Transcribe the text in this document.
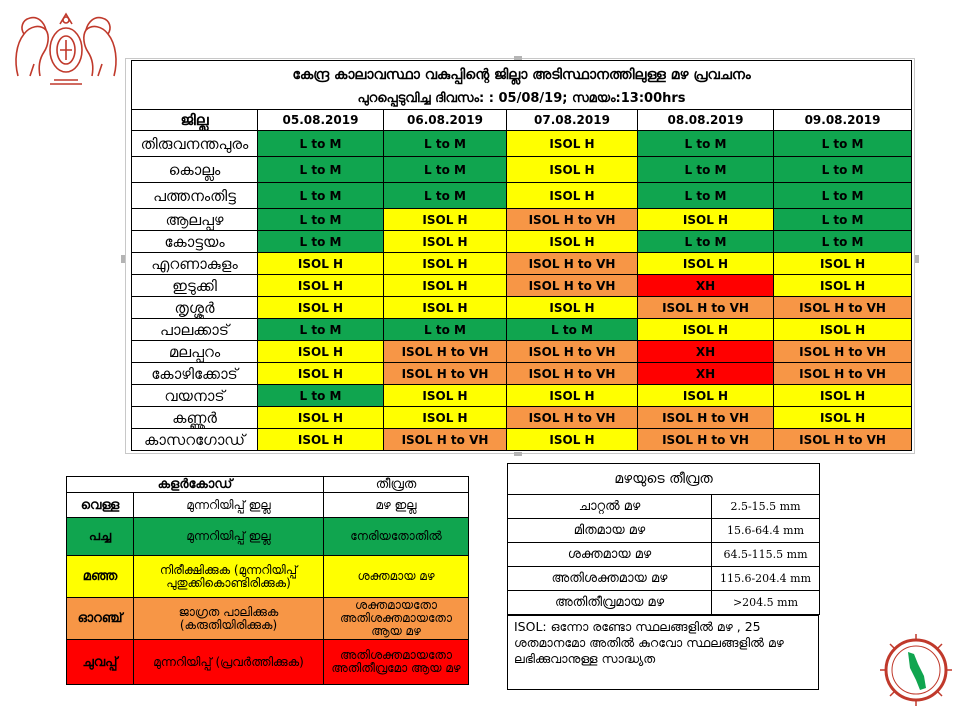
കേന്ദ്ര കാലാവസ്ഥാ വകുപ്പിന്റെ ജില്ലാ അടിസ്ഥാനത്തിലുള്ള മഴ പ്രവചനം					
പുറപ്പെടുവിച്ച ദിവസം: : 05/08/19; സമയം:13:00hrs					
ജില്ല	05.08.2019	06.08.2019	07.08.2019	08.08.2019	09.08.2019
തിരുവനന്തപുരം	L to M	L to M	ISOL H	L to M	L to M
കൊല്ലം	L to M	L to M	ISOL H	L to M	L to M
പത്തനംതിട്ട	L to M	L to M	ISOL H	L to M	L to M
ആലപ്പുഴ	L to M	ISOL H	ISOL H to VH	ISOL H	L to M
കോട്ടയം	L to M	ISOL H	ISOL H	L to M	L to M
എറണാകുളം	ISOL H	ISOL H	ISOL H to VH	ISOL H	ISOL H
ഇടുക്കി	ISOL H	ISOL H	ISOL H to VH	XH	ISOL H
തൃശ്ശൂർ	ISOL H	ISOL H	ISOL H	ISOL H to VH	ISOL H to VH
പാലക്കാട്	L to M	L to M	L to M	ISOL H	ISOL H
മലപ്പുറം	ISOL H	ISOL H to VH	ISOL H to VH	XH	ISOL H to VH
കോഴിക്കോട്	ISOL H	ISOL H to VH	ISOL H to VH	XH	ISOL H to VH
വയനാട്	L to M	ISOL H	ISOL H	ISOL H	ISOL H
കണ്ണൂർ	ISOL H	ISOL H	ISOL H to VH	ISOL H to VH	ISOL H
കാസറഗോഡ്	ISOL H	ISOL H to VH	ISOL H	ISOL H to VH	ISOL H to VH
കളർകോഡ്		തീവ്രത
വെള്ള	മുന്നറിയിപ്പ് ഇല്ല	മഴ ഇല്ല
പച്ച	മുന്നറിയിപ്പ് ഇല്ല	നേരിയതോതിൽ
മഞ്ഞ	നിരീക്ഷിക്കുക (മുന്നറിയിപ്പ് പുതുക്കികൊണ്ടിരിക്കുക)	ശക്തമായ മഴ
ഓറഞ്ച്	ജാഗ്രത പാലിക്കുക (കരുതിയിരിക്കുക)	ശക്തമായതോ അതിശക്തമായതോ ആയ മഴ
ചുവപ്പ്	മുന്നറിയിപ്പ് (പ്രവർത്തിക്കുക)	അതിശക്തമായതോ അതിതീവ്രമോ ആയ മഴ
മഴയുടെ തീവ്രത	
ചാറ്റൽ മഴ	2.5-15.5 mm
മിതമായ മഴ	15.6-64.4 mm
ശക്തമായ മഴ	64.5-115.5 mm
അതിശക്തമായ മഴ	115.6-204.4 mm
അതിതീവ്രമായ മഴ	>204.5 mm
ISOL: ഒന്നോ രണ്ടോ സ്ഥലങ്ങളിൽ മഴ , 25 ശതമാനമോ അതിൽ കുറവോ സ്ഥലങ്ങളിൽ മഴ ലഭിക്കുവാനുള്ള സാദ്ധ്യത
